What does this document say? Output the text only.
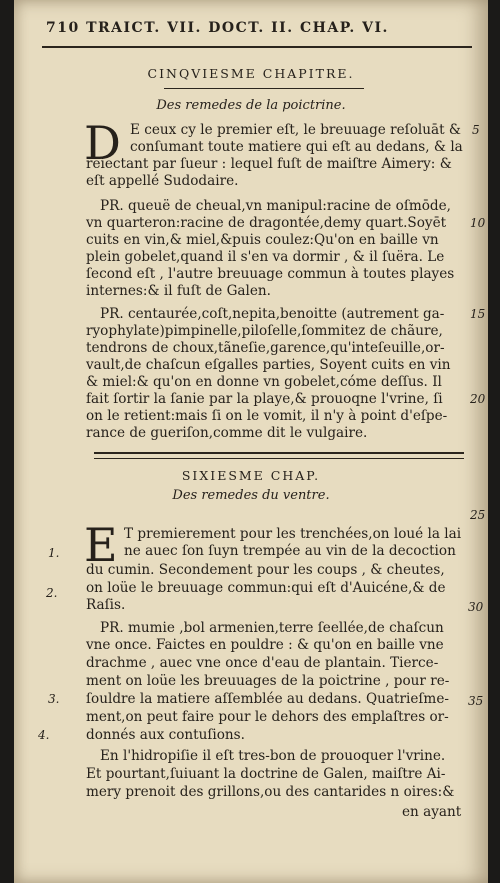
710 TRAICT. VII. DOCT. II. CHAP. VI.
CINQVIESME CHAPITRE.
Des remedes de la poictrine.
D E ceux cy le premier eſt, le breuuage reſoluāt &
conſumant toute matiere qui eſt au dedans, & la
reiectant par ſueur : lequel fuſt de maiſtre Aimery: &
eſt appellé Sudodaire.
PR. queuë de cheual,vn manipul:racine de oſmōde,
vn quarteron:racine de dragontée,demy quart.Soyēt
cuits en vin,& miel,&puis coulez:Qu'on en baille vn
plein gobelet,quand il s'en va dormir , & il ſuëra. Le
ſecond eſt , l'autre breuuage commun à toutes playes
internes:& il fuſt de Galen.
PR. centaurée,coſt,nepita,benoitte (autrement ga-
ryophylate)pimpinelle,piloſelle,ſommitez de chãure,
tendrons de choux,tãneſie,garence,qu'inteſeuille,or-
vault,de chaſcun eſgalles parties, Soyent cuits en vin
& miel:& qu'on en donne vn gobelet,cóme deſſus. Il
fait ſortir la ſanie par la playe,& prouoqne l'vrine, ſi
on le retient:mais ſi on le vomit, il n'y à point d'eſpe-
rance de gueriſon,comme dit le vulgaire.
5
10
15
20
SIXIESME CHAP.
Des remedes du ventre.
E T premierement pour les trenchées,on loué la lai
ne auec ſon ſuyn trempée au vin de la decoction
du cumin. Secondement pour les coups , & cheutes,
on loüe le breuuage commun:qui eſt d'Auicéne,& de
Raſis.
PR. mumie ,bol armenien,terre ſeellée,de chaſcun
vne once. Faictes en pouldre : & qu'on en baille vne
drachme , auec vne once d'eau de plantain. Tierce-
ment on loüe les breuuages de la poictrine , pour re-
ſouldre la matiere aſſemblée au dedans. Quatrieſme-
ment,on peut faire pour le dehors des emplaſtres or-
donnés aux contuſions.
En l'hidropiſie il eſt tres-bon de prouoquer l'vrine.
Et pourtant,ſuiuant la doctrine de Galen, maiſtre Ai-
mery prenoit des grillons,ou des cantarides n oires:&
en ayant
1.
2.
3.
4.
25
30
35
